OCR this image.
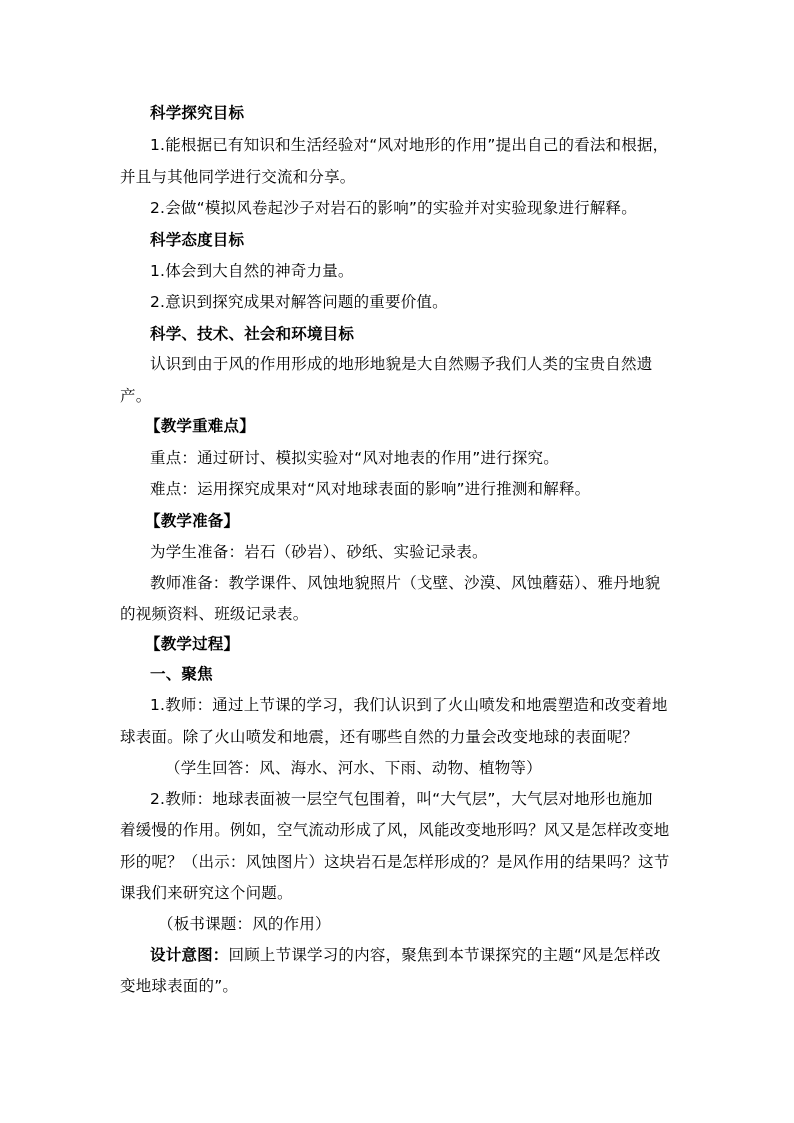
科学探究目标
1.能根据已有知识和生活经验对“风对地形的作用”提出自己的看法和根据，
并且与其他同学进行交流和分享。
2.会做“模拟风卷起沙子对岩石的影响”的实验并对实验现象进行解释。
科学态度目标
1.体会到大自然的神奇力量。
2.意识到探究成果对解答问题的重要价值。
科学、技术、社会和环境目标
认识到由于风的作用形成的地形地貌是大自然赐予我们人类的宝贵自然遗
产。
【教学重难点】
重点：通过研讨、模拟实验对“风对地表的作用”进行探究。
难点：运用探究成果对“风对地球表面的影响”进行推测和解释。
【教学准备】
为学生准备：岩石（砂岩）、砂纸、实验记录表。
教师准备：教学课件、风蚀地貌照片（戈壁、沙漠、风蚀蘑菇）、雅丹地貌
的视频资料、班级记录表。
【教学过程】
一、聚焦
1.教师：通过上节课的学习，我们认识到了火山喷发和地震塑造和改变着地
球表面。除了火山喷发和地震，还有哪些自然的力量会改变地球的表面呢？
（学生回答：风、海水、河水、下雨、动物、植物等）
2.教师：地球表面被一层空气包围着，叫“大气层”，大气层对地形也施加
着缓慢的作用。例如，空气流动形成了风，风能改变地形吗？风又是怎样改变地
形的呢？（出示：风蚀图片）这块岩石是怎样形成的？是风作用的结果吗？这节
课我们来研究这个问题。
（板书课题：风的作用）
设计意图：回顾上节课学习的内容，聚焦到本节课探究的主题“风是怎样改
变地球表面的”。
